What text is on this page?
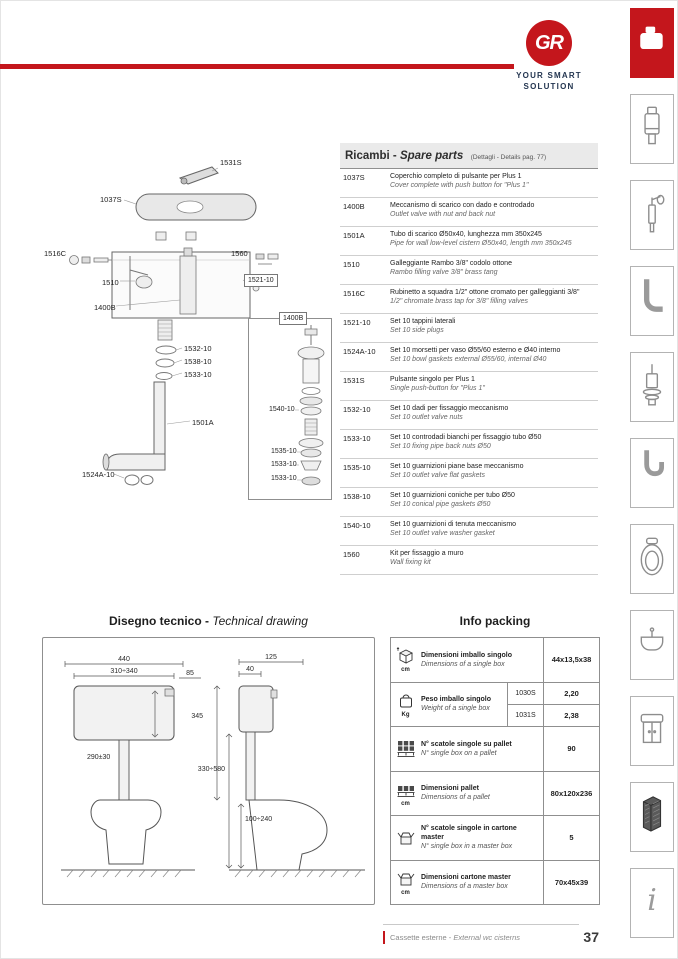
GR
®
YOUR SMART
SOLUTION
i
1531S
1037S
1516C	1560
1521-10
1510
1400B
1532-10
1538-10
1533-10
1501A
1524A-10
1400B
1540-10
1535-10
1533-10
1533-10
Ricambi - Spare parts (Dettagli - Details pag. 77)
1037S	Coperchio completo di pulsante per Plus 1
Cover complete with push button for "Plus 1"
1400B	Meccanismo di scarico con dado e controdado
Outlet valve with nut and back nut
1501A	Tubo di scarico Ø50x40, lunghezza mm 350x245
Pipe for wall low-level cistern Ø50x40, length mm 350x245
1510	Galleggiante Rambo 3/8" codolo ottone
Rambo filling valve 3/8" brass tang
1516C	Rubinetto a squadra 1/2" ottone cromato per galleggianti 3/8"
1/2" chromate brass tap for 3/8" filling valves
1521-10	Set 10 tappini laterali
Set 10 side plugs
1524A-10	Set 10 morsetti per vaso Ø55/60 esterno e Ø40 interno
Set 10 bowl gaskets external Ø55/60, internal Ø40
1531S	Pulsante singolo per Plus 1
Single push-button for "Plus 1"
1532-10	Set 10 dadi per fissaggio meccanismo
Set 10 outlet valve nuts
1533-10	Set 10 controdadi bianchi per fissaggio tubo Ø50
Set 10 fixing pipe back nuts Ø50
1535-10	Set 10 guarnizioni piane base meccanismo
Set 10 outlet valve flat gaskets
1538-10	Set 10 guarnizioni coniche per tubo Ø50
Set 10 conical pipe gaskets Ø50
1540-10	Set 10 guarnizioni di tenuta meccanismo
Set 10 outlet valve washer gasket
1560	Kit per fissaggio a muro
Wall fixing kit
Disegno tecnico - Technical drawing	Info packing
440
310÷340
290±30
85
345
330÷580
125
40
100÷240
cm
Dimensioni imballo singolo
Dimensions of a single box	44x13,5x38
Kg
Peso imballo singolo
Weight of a single box
1030S	2,20
1031S	2,38
N° scatole singole su pallet
N° single box on a pallet	90
cm
Dimensioni pallet
Dimensions of a pallet	80x120x236
N° scatole singole in cartone master
N° single box in a master box
5
cm
Dimensioni cartone master
Dimensions of a master box	70x45x39
Cassette esterne - External wc cisterns	37
